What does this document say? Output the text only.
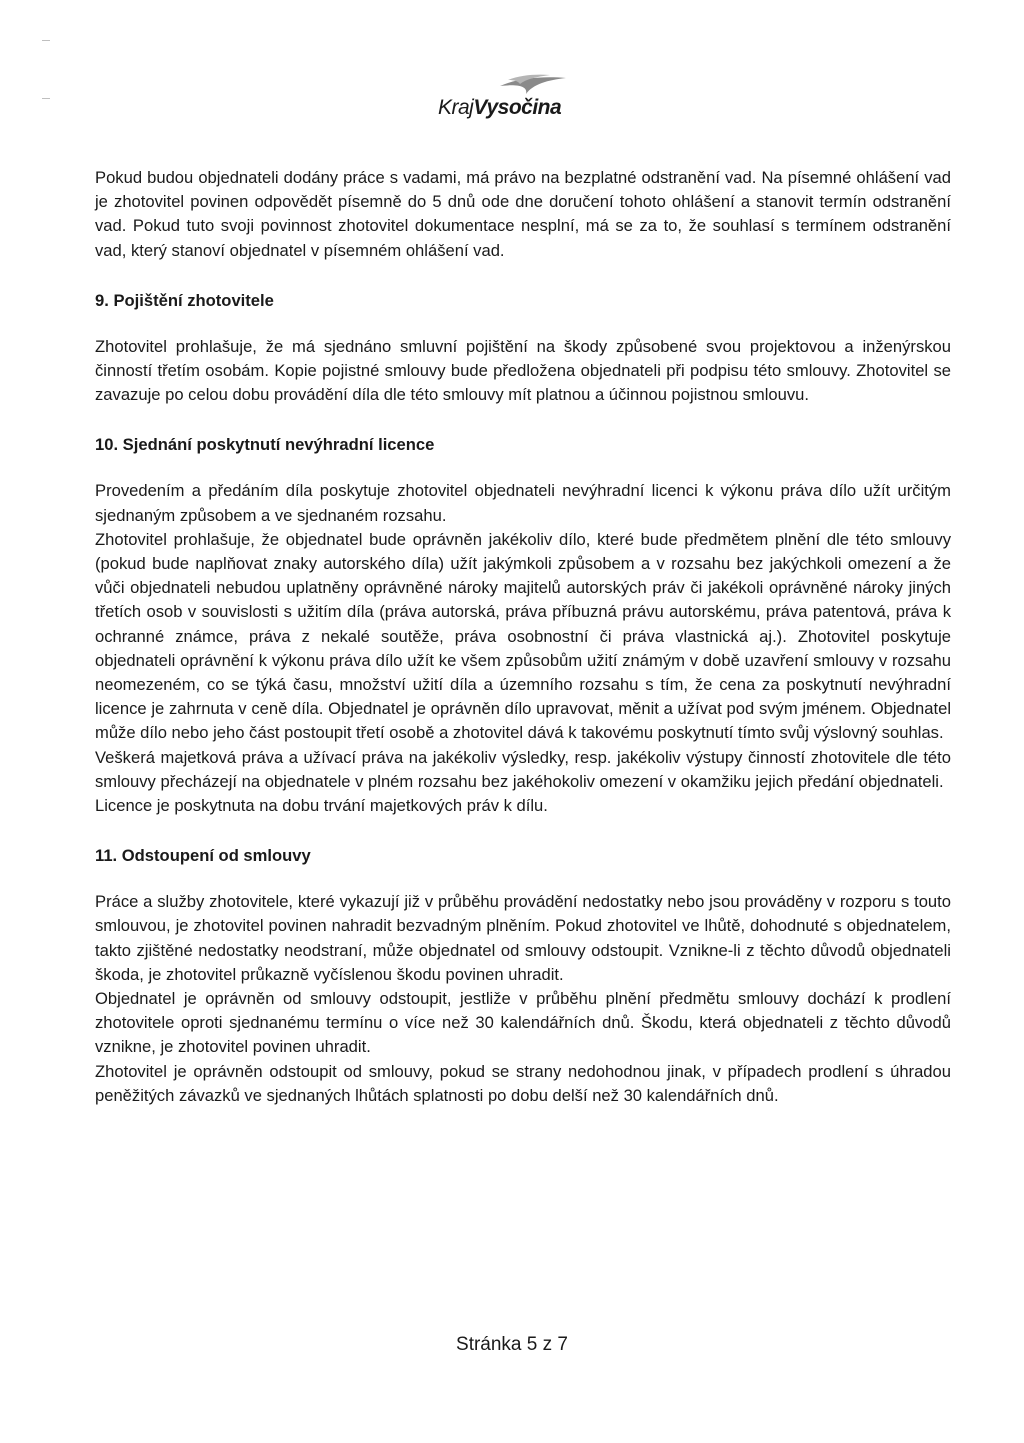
KrajVysočina

Pokud budou objednateli dodány práce s vadami, má právo na bezplatné odstranění vad. Na písemné ohlášení vad je zhotovitel povinen odpovědět písemně do 5 dnů ode dne doručení tohoto ohlášení a stanovit termín odstranění vad. Pokud tuto svoji povinnost zhotovitel dokumentace nesplní, má se za to, že souhlasí s termínem odstranění vad, který stanoví objednatel v písemném ohlášení vad.

9. Pojištění zhotovitele

Zhotovitel prohlašuje, že má sjednáno smluvní pojištění na škody způsobené svou projektovou a inženýrskou činností třetím osobám. Kopie pojistné smlouvy bude předložena objednateli při podpisu této smlouvy. Zhotovitel se zavazuje po celou dobu provádění díla dle této smlouvy mít platnou a účinnou pojistnou smlouvu.

10. Sjednání poskytnutí nevýhradní licence

Provedením a předáním díla poskytuje zhotovitel objednateli nevýhradní licenci k výkonu práva dílo užít určitým sjednaným způsobem a ve sjednaném rozsahu.

Zhotovitel prohlašuje, že objednatel bude oprávněn jakékoliv dílo, které bude předmětem plnění dle této smlouvy (pokud bude naplňovat znaky autorského díla) užít jakýmkoli způsobem a v rozsahu bez jakýchkoli omezení a že vůči objednateli nebudou uplatněny oprávněné nároky majitelů autorských práv či jakékoli oprávněné nároky jiných třetích osob v souvislosti s užitím díla (práva autorská, práva příbuzná právu autorskému, práva patentová, práva k ochranné známce, práva z nekalé soutěže, práva osobnostní či práva vlastnická aj.). Zhotovitel poskytuje objednateli oprávnění k výkonu práva dílo užít ke všem způsobům užití známým v době uzavření smlouvy v rozsahu neomezeném, co se týká času, množství užití díla a územního rozsahu s tím, že cena za poskytnutí nevýhradní licence je zahrnuta v ceně díla. Objednatel je oprávněn dílo upravovat, měnit a užívat pod svým jménem. Objednatel může dílo nebo jeho část postoupit třetí osobě a zhotovitel dává k takovému poskytnutí tímto svůj výslovný souhlas.

Veškerá majetková práva a užívací práva na jakékoliv výsledky, resp. jakékoliv výstupy činností zhotovitele dle této smlouvy přecházejí na objednatele v plném rozsahu bez jakéhokoliv omezení v okamžiku jejich předání objednateli.

Licence je poskytnuta na dobu trvání majetkových práv k dílu.

11. Odstoupení od smlouvy

Práce a služby zhotovitele, které vykazují již v průběhu provádění nedostatky nebo jsou prováděny v rozporu s touto smlouvou, je zhotovitel povinen nahradit bezvadným plněním. Pokud zhotovitel ve lhůtě, dohodnuté s objednatelem, takto zjištěné nedostatky neodstraní, může objednatel od smlouvy odstoupit. Vznikne-li z těchto důvodů objednateli škoda, je zhotovitel průkazně vyčíslenou škodu povinen uhradit.

Objednatel je oprávněn od smlouvy odstoupit, jestliže v průběhu plnění předmětu smlouvy dochází k prodlení zhotovitele oproti sjednanému termínu o více než 30 kalendářních dnů. Škodu, která objednateli z těchto důvodů vznikne, je zhotovitel povinen uhradit.

Zhotovitel je oprávněn odstoupit od smlouvy, pokud se strany nedohodnou jinak, v případech prodlení s úhradou peněžitých závazků ve sjednaných lhůtách splatnosti po dobu delší než 30 kalendářních dnů.

Stránka 5 z 7
